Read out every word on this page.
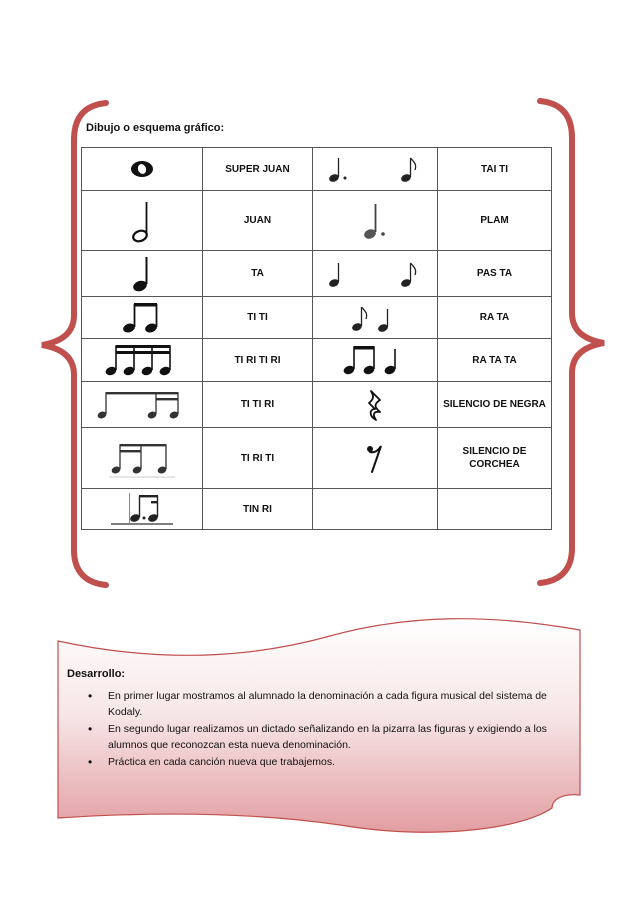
Dibujo o esquema gráfico:
	SUPER JUAN		TAI TI

	JUAN		PLAM

	TA		PAS TA

	TI TI		RA TA

	TI RI TI RI		RA TA TA

	TI TI RI		SILENCIO DE NEGRA

	TI RI TI		SILENCIO DE
CORCHEA

	TIN RI		
Desarrollo:
• En primer lugar mostramos al alumnado la denominación a cada figura musical del sistema de Kodaly.
• En segundo lugar realizamos un dictado señalizando en la pizarra las figuras y exigiendo a los alumnos que reconozcan esta nueva denominación.
• Práctica en cada canción nueva que trabajemos.
